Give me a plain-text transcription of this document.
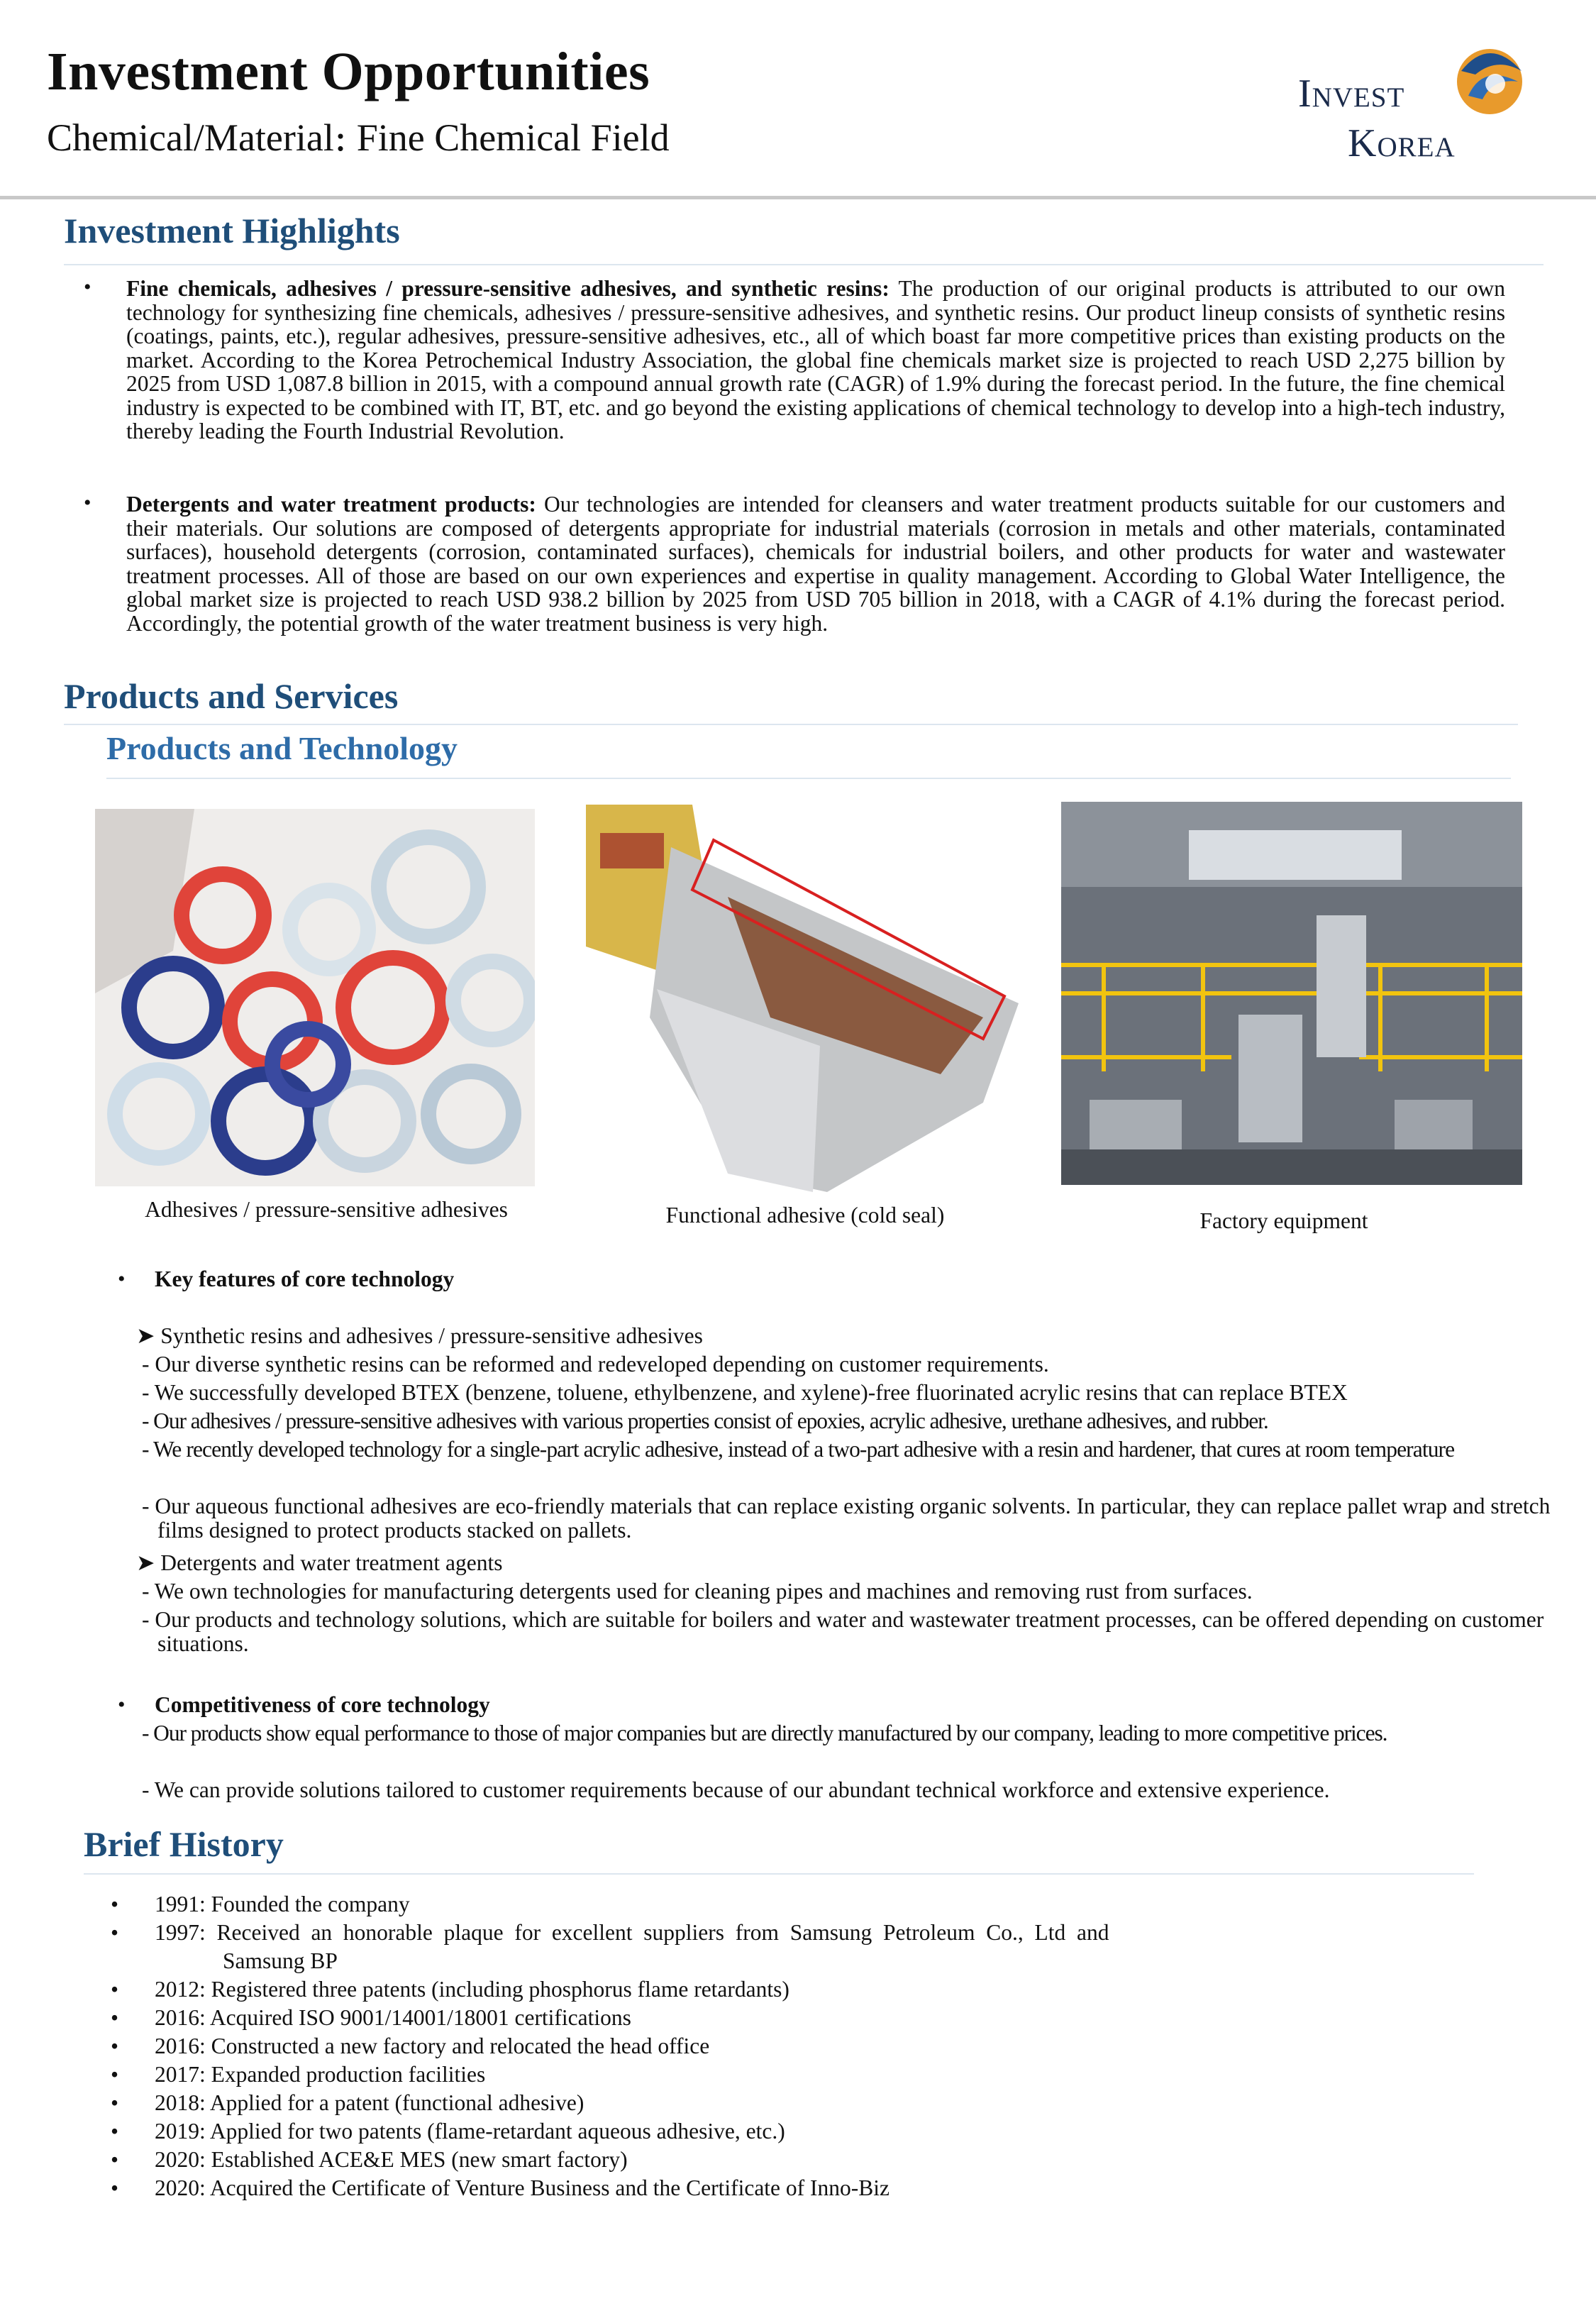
Investment Opportunities
Chemical/Material։ Fine Chemical Field
Invest
Korea
Investment Highlights
• Fine chemicals, adhesives / pressure-sensitive adhesives, and synthetic resins: The production of our original products is attributed to our own technology for synthesizing fine chemicals, adhesives / pressure-sensitive adhesives, and synthetic resins. Our product lineup consists of synthetic resins (coatings, paints, etc.), regular adhesives, pressure-sensitive adhesives, etc., all of which boast far more competitive prices than existing products on the market. According to the Korea Petrochemical Industry Association, the global fine chemicals market size is projected to reach USD 2,275 billion by 2025 from USD 1,087.8 billion in 2015, with a compound annual growth rate (CAGR) of 1.9% during the forecast period. In the future, the fine chemical industry is expected to be combined with IT, BT, etc. and go beyond the existing applications of chemical technology to develop into a high-tech industry, thereby leading the Fourth Industrial Revolution.
• Detergents and water treatment products: Our technologies are intended for cleansers and water treatment products suitable for our customers and their materials. Our solutions are composed of detergents appropriate for industrial materials (corrosion in metals and other materials, contaminated surfaces), household detergents (corrosion, contaminated surfaces), chemicals for industrial boilers, and other products for water and wastewater treatment processes. All of those are based on our own experiences and expertise in quality management. According to Global Water Intelligence, the global market size is projected to reach USD 938.2 billion by 2025 from USD 705 billion in 2018, with a CAGR of 4.1% during the forecast period. Accordingly, the potential growth of the water treatment business is very high.
Products and Services
Products and Technology
Adhesives / pressure-sensitive adhesives	Functional adhesive (cold seal)	Factory equipment
• Key features of core technology
➤ Synthetic resins and adhesives / pressure-sensitive adhesives
- Our diverse synthetic resins can be reformed and redeveloped depending on customer requirements.
- We successfully developed BTEX (benzene, toluene, ethylbenzene, and xylene)-free fluorinated acrylic resins that can replace BTEX
- Our adhesives / pressure-sensitive adhesives with various properties consist of epoxies, acrylic adhesive, urethane adhesives, and rubber.
- We recently developed technology for a single-part acrylic adhesive, instead of a two-part adhesive with a resin and hardener, that cures at room temperature
- Our aqueous functional adhesives are eco-friendly materials that can replace existing organic solvents. In particular, they can replace pallet wrap and stretch films designed to protect products stacked on pallets.
➤ Detergents and water treatment agents
- We own technologies for manufacturing detergents used for cleaning pipes and machines and removing rust from surfaces.
- Our products and technology solutions, which are suitable for boilers and water and wastewater treatment processes, can be offered depending on customer situations.
• Competitiveness of core technology
- Our products show equal performance to those of major companies but are directly manufactured by our company, leading to more competitive prices.
- We can provide solutions tailored to customer requirements because of our abundant technical workforce and extensive experience.
Brief History
• 1991: Founded the company
• 1997:  Received  an  honorable  plaque  for  excellent  suppliers  from  Samsung  Petroleum  Co.,  Ltd  and
Samsung BP
• 2012: Registered three patents (including phosphorus flame retardants)
• 2016: Acquired ISO 9001/14001/18001 certifications
• 2016: Constructed a new factory and relocated the head office
• 2017: Expanded production facilities
• 2018: Applied for a patent (functional adhesive)
• 2019: Applied for two patents (flame-retardant aqueous adhesive, etc.)
• 2020: Established ACE&E MES (new smart factory)
• 2020: Acquired the Certificate of Venture Business and the Certificate of Inno-Biz
